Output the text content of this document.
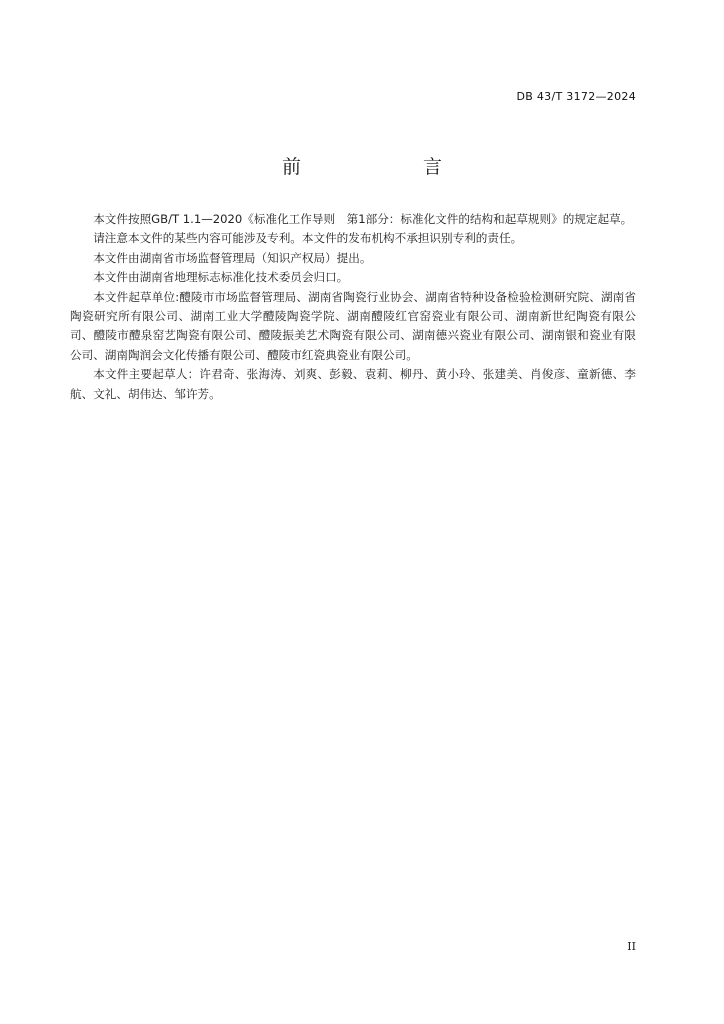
DB 43/T 3172—2024
前　　言

本文件按照GB/T 1.1—2020《标准化工作导则　第1部分：标准化文件的结构和起草规则》的规定起草。

请注意本文件的某些内容可能涉及专利。本文件的发布机构不承担识别专利的责任。

本文件由湖南省市场监督管理局（知识产权局）提出。

本文件由湖南省地理标志标准化技术委员会归口。

本文件起草单位:醴陵市市场监督管理局、湖南省陶瓷行业协会、湖南省特种设备检验检测研究院、湖南省陶瓷研究所有限公司、湖南工业大学醴陵陶瓷学院、湖南醴陵红官窑瓷业有限公司、湖南新世纪陶瓷有限公司、醴陵市醴泉窑艺陶瓷有限公司、醴陵振美艺术陶瓷有限公司、湖南德兴瓷业有限公司、湖南银和瓷业有限公司、湖南陶润会文化传播有限公司、醴陵市红瓷典瓷业有限公司。

本文件主要起草人：许君奇、张海涛、刘爽、彭毅、袁莉、柳丹、黄小玲、张建美、肖俊彦、童新德、李航、文礼、胡伟达、邹许芳。

II
